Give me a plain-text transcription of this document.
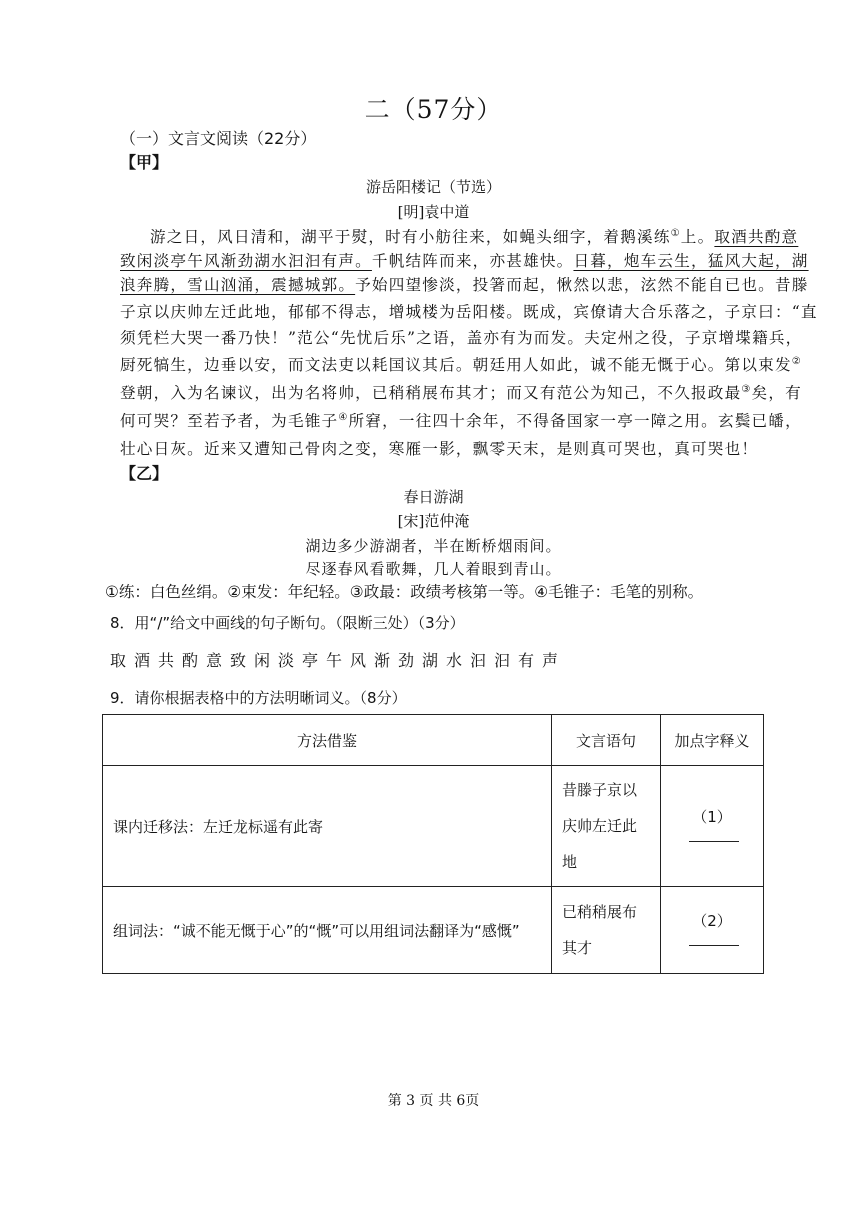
二（57分）
（一）文言文阅读（22分）
【甲】
游岳阳楼记（节选）
[明]袁中道
游之日，风日清和，湖平于熨，时有小舫往来，如蝇头细字，着鹅溪练①上。取酒共酌意
致闲淡亭午风渐劲湖水汩汩有声。千帆结阵而来，亦甚雄快。日暮，炮车云生，猛风大起，湖
浪奔腾，雪山汹涌，震撼城郭。予始四望惨淡，投箸而起，愀然以悲，泫然不能自已也。昔滕
子京以庆帅左迁此地，郁郁不得志，增城楼为岳阳楼。既成，宾僚请大合乐落之，子京曰：“直
须凭栏大哭一番乃快！”范公“先忧后乐”之语，盖亦有为而发。夫定州之役，子京增堞籍兵，
厨死犒生，边垂以安，而文法吏以耗国议其后。朝廷用人如此，诚不能无慨于心。第以束发②
登朝，入为名谏议，出为名将帅，已稍稍展布其才；而又有范公为知己，不久报政最③矣，有
何可哭？至若予者，为毛锥子④所窘，一往四十余年，不得备国家一亭一障之用。玄鬓已皤，
壮心日灰。近来又遭知己骨肉之变，寒雁一影，飘零天末，是则真可哭也，真可哭也！
【乙】
春日游湖
[宋]范仲淹
湖边多少游湖者，半在断桥烟雨间。
尽逐春风看歌舞，几人着眼到青山。
①练：白色丝绢。②束发：年纪轻。③政最：政绩考核第一等。④毛锥子：毛笔的别称。
8．用“/”给文中画线的句子断句。（限断三处）（3分）
取酒共酌意致闲淡亭午风渐劲湖水汩汩有声
9．请你根据表格中的方法明晰词义。（8分）
方法借鉴	文言语句	加点字释义
课内迁移法：左迁龙标遥有此寄	昔滕子京以庆帅左迁此地	（1）
组词法：“诚不能无慨于心”的“慨”可以用组词法翻译为“感慨”	已稍稍展布其才	（2）
第 3 页 共 6页
